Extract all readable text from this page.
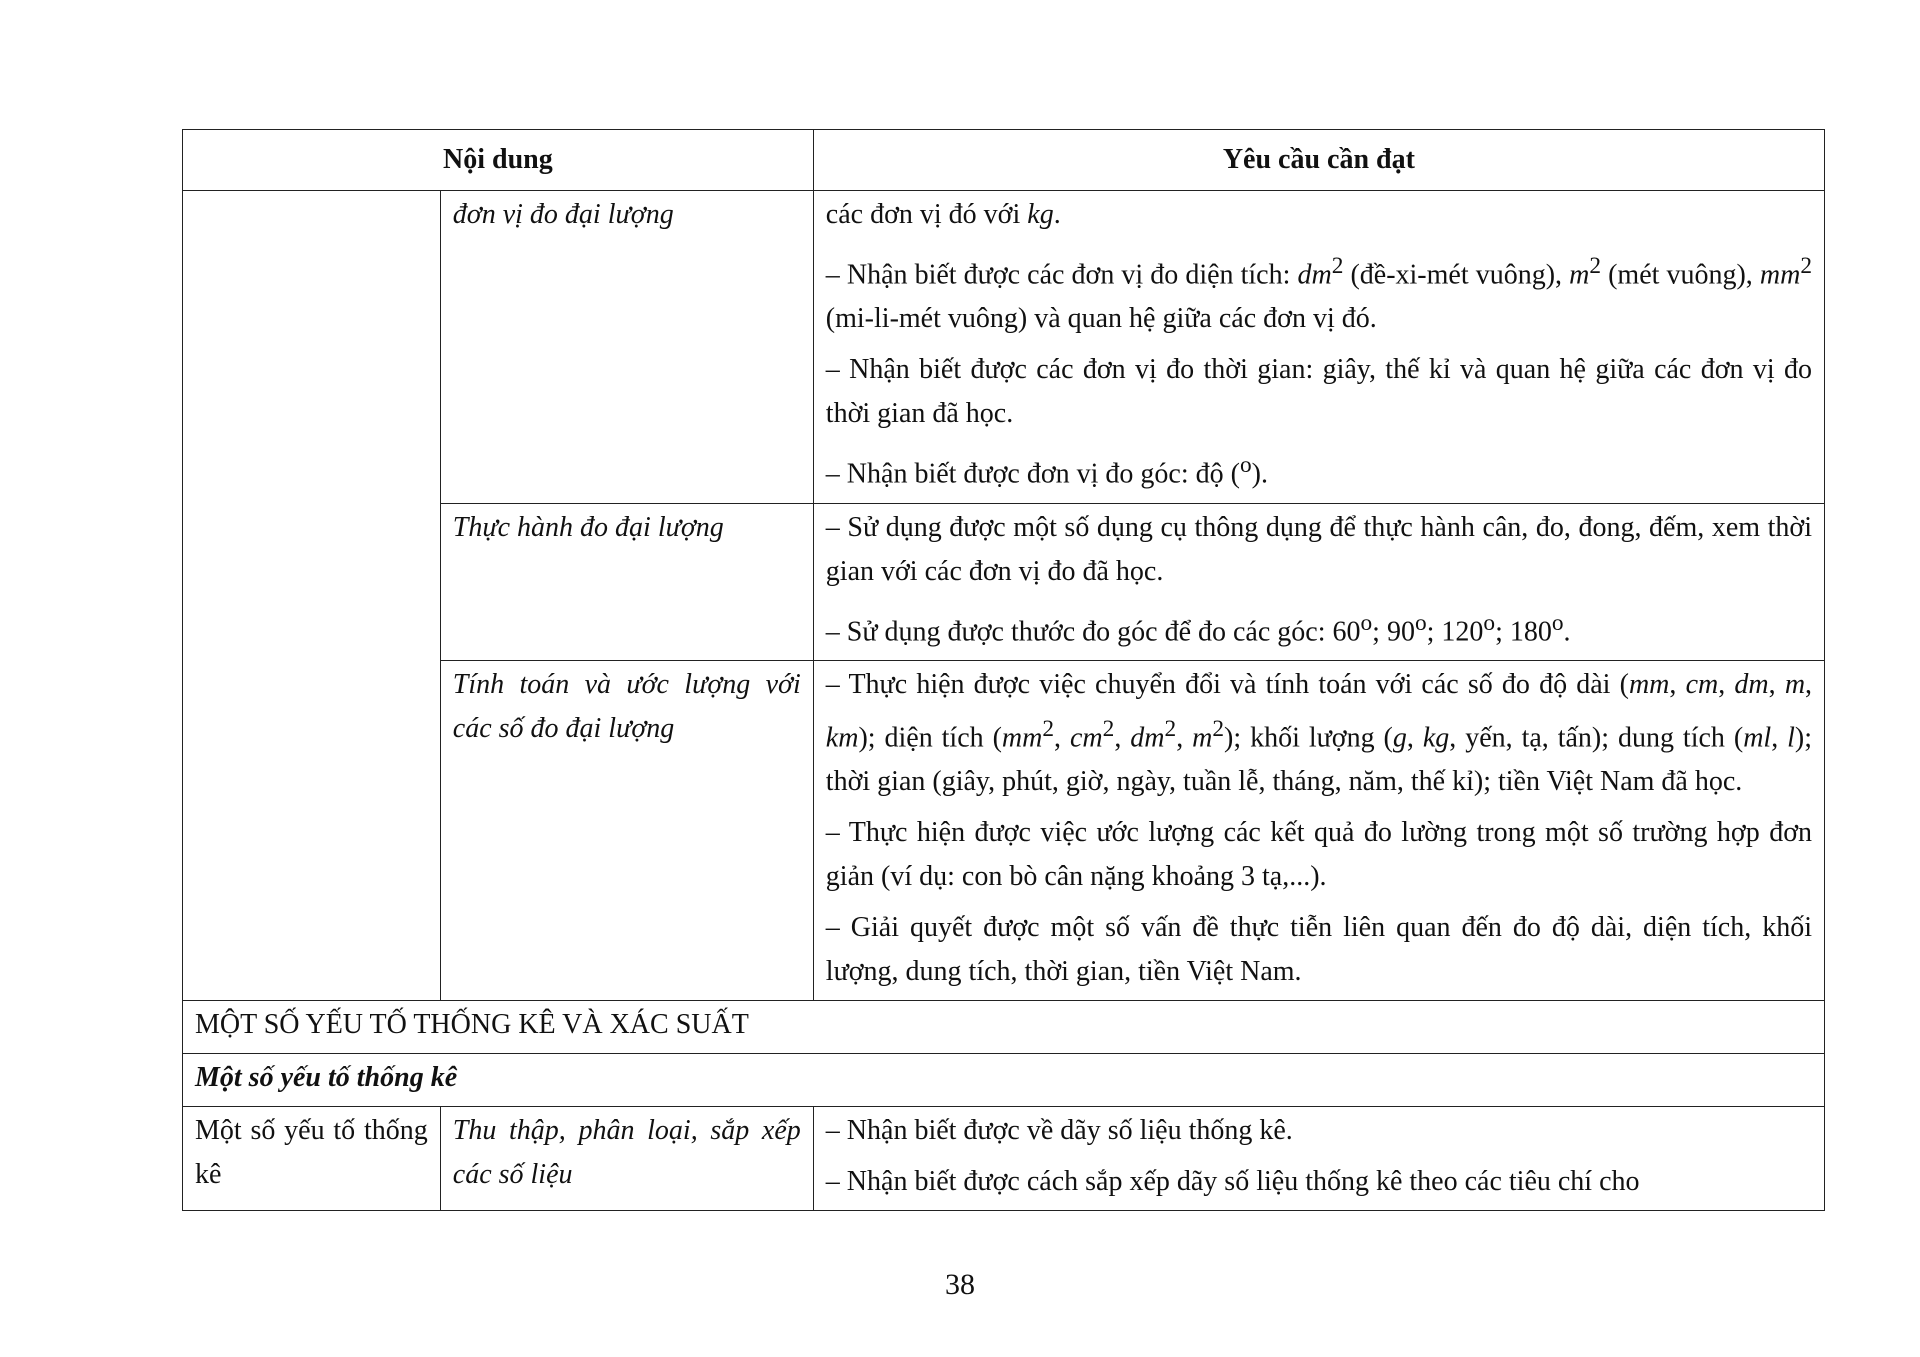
Nội dung		Yêu cầu cần đạt
	đơn vị đo đại lượng	các đơn vị đó với kg.

– Nhận biết được các đơn vị đo diện tích: $dm^2$ (đề-xi-mét vuông), $m^2$ (mét vuông), $mm^2$ (mi-li-mét vuông) và quan hệ giữa các đơn vị đó.

– Nhận biết được các đơn vị đo thời gian: giây, thế kỉ và quan hệ giữa các đơn vị đo thời gian đã học.

– Nhận biết được đơn vị đo góc: độ ($^o$).

	Thực hành đo đại lượng	– Sử dụng được một số dụng cụ thông dụng để thực hành cân, đo, đong, đếm, xem thời gian với các đơn vị đo đã học.

– Sử dụng được thước đo góc để đo các góc: 60$^o$; 90$^o$; 120$^o$; 180$^o$.

	Tính toán và ước lượng với các số đo đại lượng	– Thực hiện được việc chuyển đổi và tính toán với các số đo độ dài (mm, cm, dm, m, km); diện tích ($mm^2$, $cm^2$, $dm^2$, $m^2$); khối lượng (g, kg, yến, tạ, tấn); dung tích (ml, l); thời gian (giây, phút, giờ, ngày, tuần lễ, tháng, năm, thế kỉ); tiền Việt Nam đã học.

– Thực hiện được việc ước lượng các kết quả đo lường trong một số trường hợp đơn giản (ví dụ: con bò cân nặng khoảng 3 tạ,...).

– Giải quyết được một số vấn đề thực tiễn liên quan đến đo độ dài, diện tích, khối lượng, dung tích, thời gian, tiền Việt Nam.

MỘT SỐ YẾU TỐ THỐNG KÊ VÀ XÁC SUẤT		
Một số yếu tố thống kê		
Một số yếu tố thống kê	Thu thập, phân loại, sắp xếp các số liệu	– Nhận biết được về dãy số liệu thống kê.

– Nhận biết được cách sắp xếp dãy số liệu thống kê theo các tiêu chí cho

38
